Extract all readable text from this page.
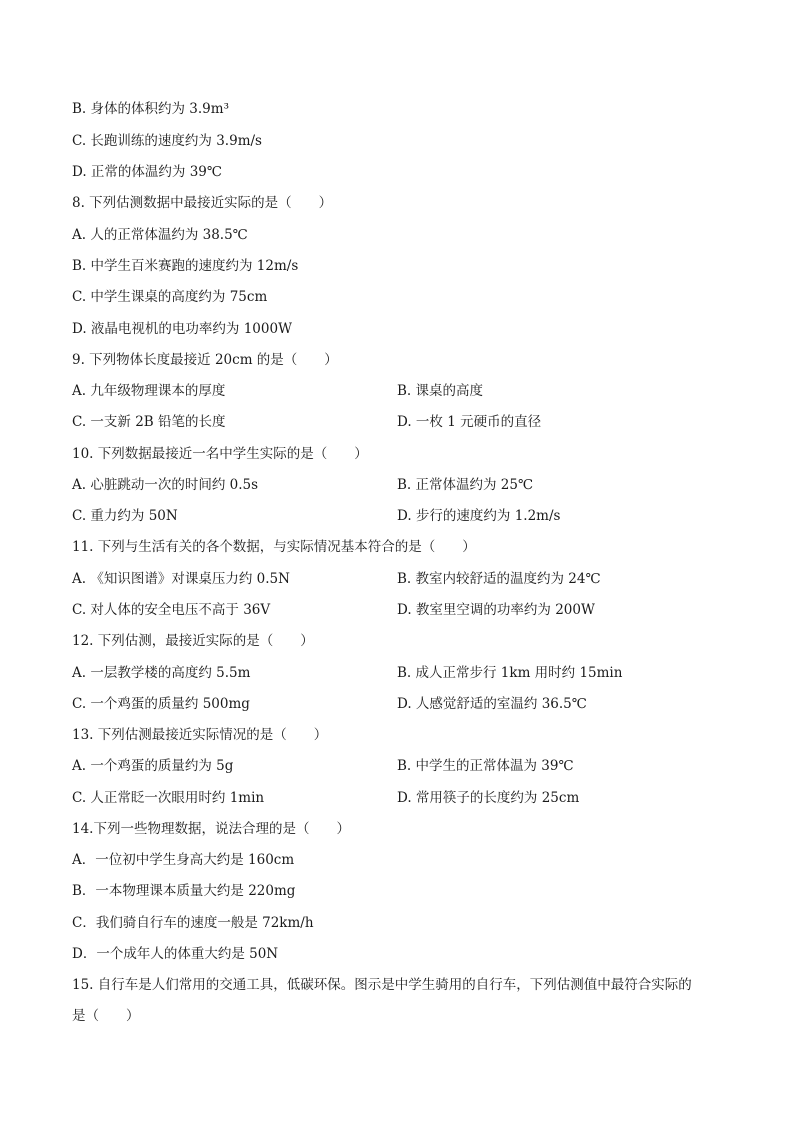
B. 身体的体积约为 3.9m³
C. 长跑训练的速度约为 3.9m/s
D. 正常的体温约为 39℃
8. 下列估测数据中最接近实际的是（　　）
A. 人的正常体温约为 38.5℃
B. 中学生百米赛跑的速度约为 12m/s
C. 中学生课桌的高度约为 75cm
D. 液晶电视机的电功率约为 1000W
9. 下列物体长度最接近 20cm 的是（　　）
A. 九年级物理课本的厚度	B. 课桌的高度
C. 一支新 2B 铅笔的长度	D. 一枚 1 元硬币的直径
10. 下列数据最接近一名中学生实际的是（　　）
A. 心脏跳动一次的时间约 0.5s	B. 正常体温约为 25℃
C. 重力约为 50N	D. 步行的速度约为 1.2m/s
11. 下列与生活有关的各个数据，与实际情况基本符合的是（　　）
A. 《知识图谱》对课桌压力约 0.5N	B. 教室内较舒适的温度约为 24℃
C. 对人体的安全电压不高于 36V	D. 教室里空调的功率约为 200W
12. 下列估测，最接近实际的是（　　）
A. 一层教学楼的高度约 5.5m	B. 成人正常步行 1km 用时约 15min
C. 一个鸡蛋的质量约 500mg	D. 人感觉舒适的室温约 36.5℃
13. 下列估测最接近实际情况的是（　　）
A. 一个鸡蛋的质量约为 5g	B. 中学生的正常体温为 39℃
C. 人正常眨一次眼用时约 1min	D. 常用筷子的长度约为 25cm
14.下列一些物理数据，说法合理的是（　　）
A．一位初中学生身高大约是 160cm
B．一本物理课本质量大约是 220mg
C．我们骑自行车的速度一般是 72km/h
D．一个成年人的体重大约是 50N
15. 自行车是人们常用的交通工具，低碳环保。图示是中学生骑用的自行车，下列估测值中最符合实际的
是（　　）
